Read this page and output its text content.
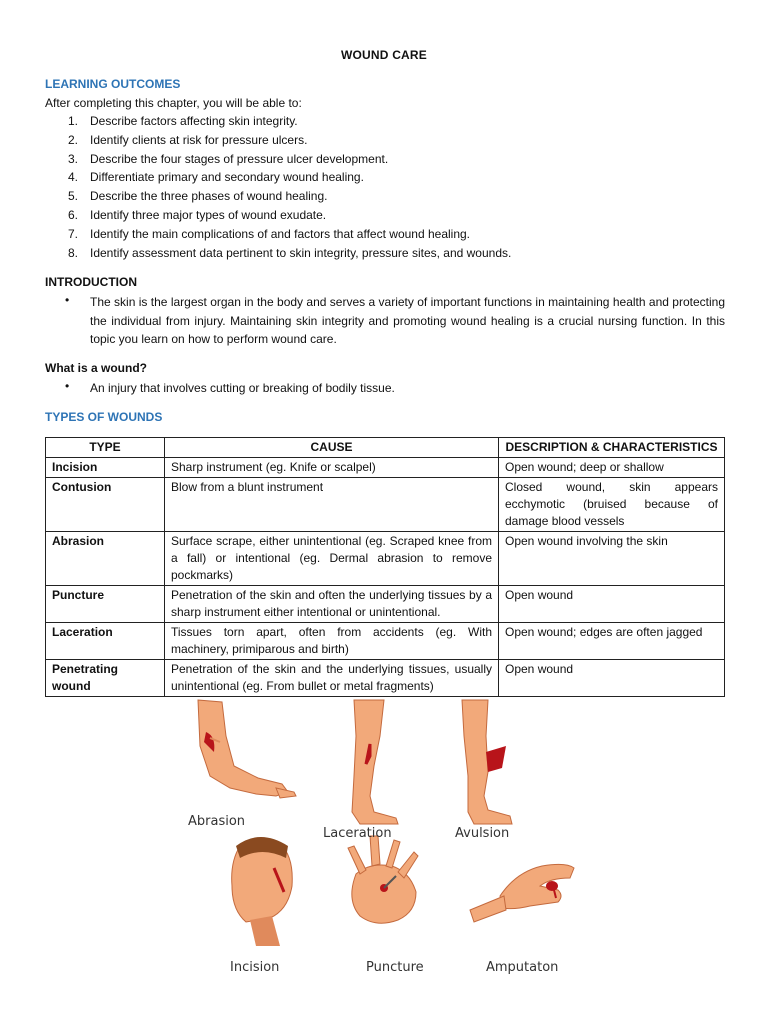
WOUND CARE
LEARNING OUTCOMES
After completing this chapter, you will be able to:
1. Describe factors affecting skin integrity.
2. Identify clients at risk for pressure ulcers.
3. Describe the four stages of pressure ulcer development.
4. Differentiate primary and secondary wound healing.
5. Describe the three phases of wound healing.
6. Identify three major types of wound exudate.
7. Identify the main complications of and factors that affect wound healing.
8. Identify assessment data pertinent to skin integrity, pressure sites, and wounds.
INTRODUCTION
• The skin is the largest organ in the body and serves a variety of important functions in maintaining health and protecting the individual from injury. Maintaining skin integrity and promoting wound healing is a crucial nursing function. In this topic you learn on how to perform wound care.
What is a wound?
• An injury that involves cutting or breaking of bodily tissue.
TYPES OF WOUNDS
TYPE	CAUSE	DESCRIPTION & CHARACTERISTICS
Incision	Sharp instrument (eg. Knife or scalpel)	Open wound; deep or shallow
Contusion	Blow from a blunt instrument	Closed wound, skin appears ecchymotic (bruised because of damage blood vessels
Abrasion	Surface scrape, either unintentional (eg. Scraped knee from a fall) or intentional (eg. Dermal abrasion to remove pockmarks)	Open wound involving the skin
Puncture	Penetration of the skin and often the underlying tissues by a sharp instrument either intentional or unintentional.	Open wound
Laceration	Tissues torn apart, often from accidents (eg. With machinery, primiparous and birth)	Open wound; edges are often jagged
Penetrating wound	Penetration of the skin and the underlying tissues, usually unintentional (eg. From bullet or metal fragments)	Open wound
Abrasion
Laceration	Avulsion
Incision	Puncture	Amputaton
